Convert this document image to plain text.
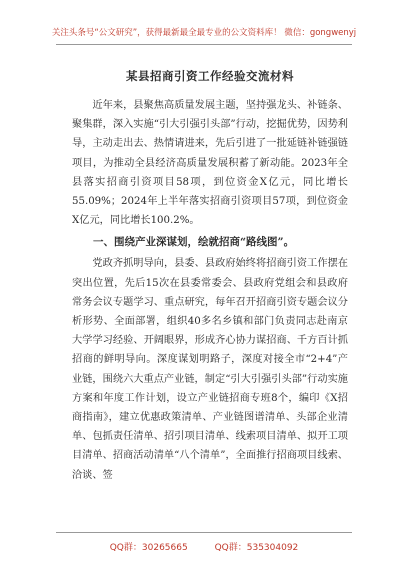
关注头条号“公文研究”，获得最新最全最专业的公文资料库！ 微信：gongwenyj
某县招商引资工作经验交流材料

近年来，县聚焦高质量发展主题，坚持强龙头、补链条、聚集群，深入实施“引大引强引头部”行动，挖掘优势，因势利导，主动走出去、热情请进来，先后引进了一批延链补链强链项目，为推动全县经济高质量发展积蓄了新动能。2023年全县落实招商引资项目58项，到位资金X亿元，同比增长55.09%；2024年上半年落实招商引资项目57项，到位资金X亿元，同比增长100.2%。

一、围绕产业深谋划，绘就招商“路线图”。

党政齐抓明导向，县委、县政府始终将招商引资工作摆在突出位置，先后15次在县委常委会、县政府党组会和县政府常务会议专题学习、重点研究，每年召开招商引资专题会议分析形势、全面部署，组织40多名乡镇和部门负责同志赴南京大学学习经验、开阔眼界，形成齐心协力谋招商、千方百计抓招商的鲜明导向。深度谋划明路子，深度对接全市“2+4”产业链，围绕六大重点产业链，制定“引大引强引头部”行动实施方案和年度工作计划，设立产业链招商专班8个，编印《X招商指南》，建立优惠政策清单、产业链图谱清单、头部企业清单、包抓责任清单、招引项目清单、线索项目清单、拟开工项目清单、招商活动清单“八个清单”，全面推行招商项目线索、洽谈、签

QQ群：30265665	QQ群：535304092
